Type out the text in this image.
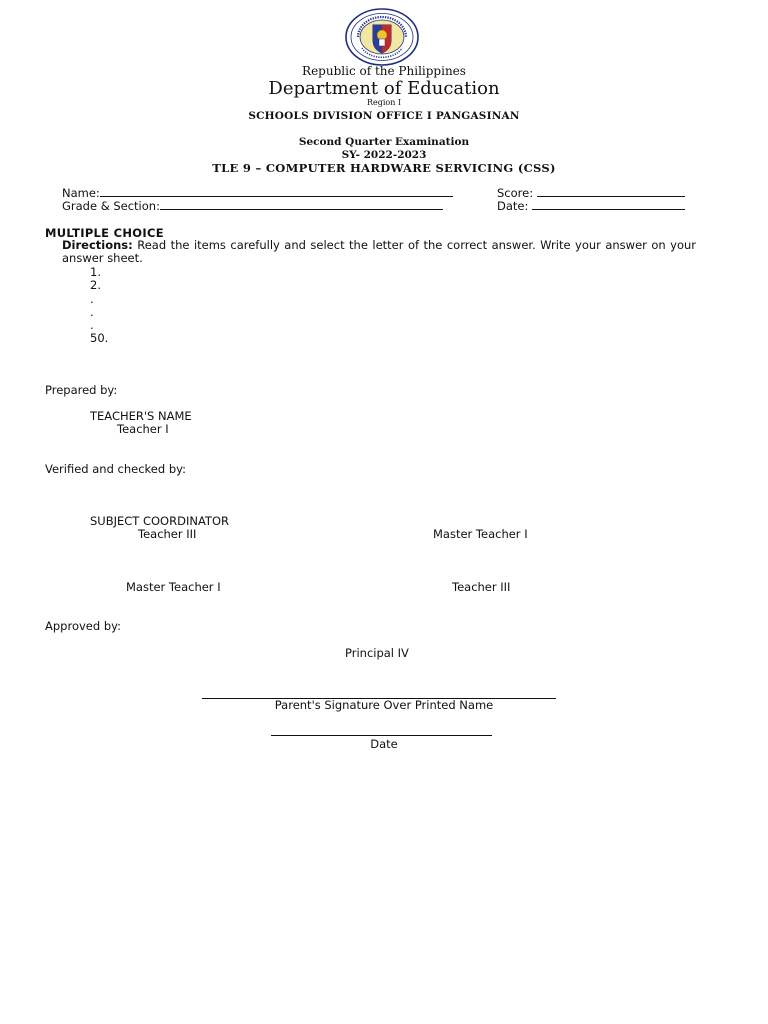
Republic of the Philippines
Department of Education
Region I
SCHOOLS DIVISION OFFICE I PANGASINAN
Second Quarter Examination
SY- 2022-2023
TLE 9 – COMPUTER HARDWARE SERVICING (CSS)
Name:	Score:
Grade & Section:	Date:
MULTIPLE CHOICE
Directions: Read the items carefully and select the letter of the correct answer. Write your answer on your answer sheet.
1.
2.
.
.
.
50.
Prepared by:
TEACHER'S NAME
Teacher I
Verified and checked by:
SUBJECT COORDINATOR
Teacher III	Master Teacher I
Master Teacher I	Teacher III
Approved by:
Principal IV
Parent's Signature Over Printed Name
Date
